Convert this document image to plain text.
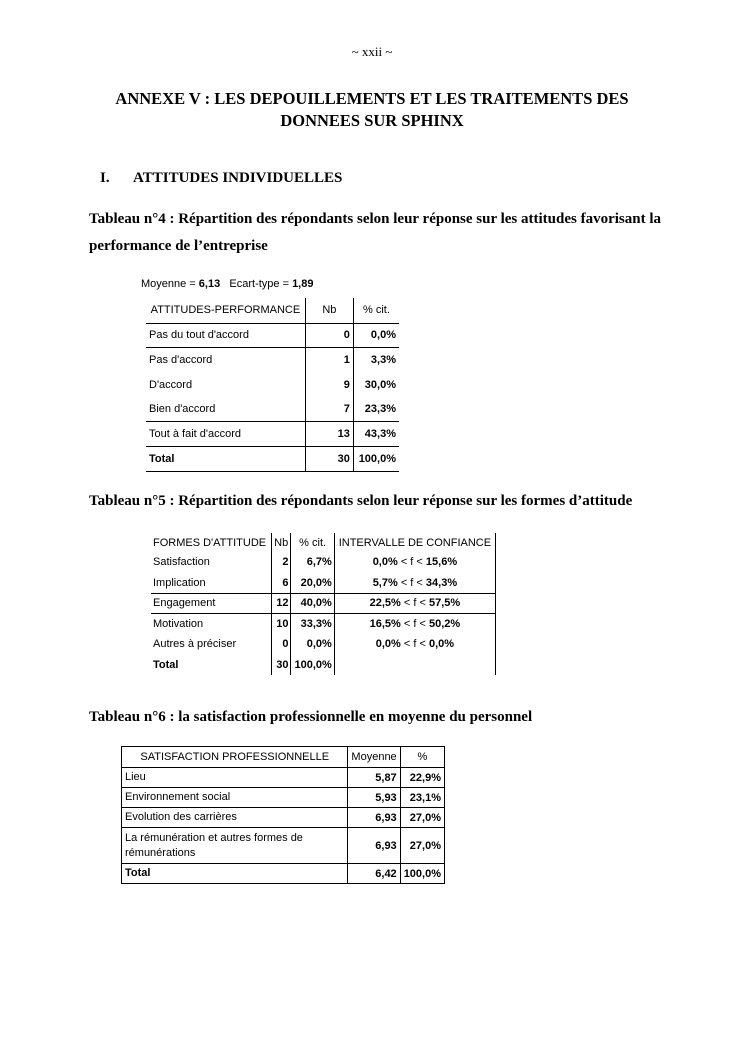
~ xxii ~
ANNEXE V : LES DEPOUILLEMENTS ET LES TRAITEMENTS DES DONNEES SUR SPHINX
I. ATTITUDES INDIVIDUELLES
Tableau n°4 : Répartition des répondants selon leur réponse sur les attitudes favorisant la performance de l’entreprise
Moyenne = 6,13 Ecart-type = 1,89
ATTITUDES-PERFORMANCE	Nb	% cit.
Pas du tout d'accord	0	0,0%
Pas d'accord	1	3,3%
D'accord	9	30,0%
Bien d'accord	7	23,3%
Tout à fait d'accord	13	43,3%
Total	30	100,0%
Tableau n°5 : Répartition des répondants selon leur réponse sur les formes d’attitude
FORMES D'ATTITUDE	Nb	% cit.	INTERVALLE DE CONFIANCE
Satisfaction	2	6,7%	0,0% < f < 15,6%
Implication	6	20,0%	5,7% < f < 34,3%
Engagement	12	40,0%	22,5% < f < 57,5%
Motivation	10	33,3%	16,5% < f < 50,2%
Autres à préciser	0	0,0%	0,0% < f < 0,0%
Total	30	100,0%	
Tableau n°6 : la satisfaction professionnelle en moyenne du personnel
SATISFACTION PROFESSIONNELLE	Moyenne	%
Lieu	5,87	22,9%
Environnement social	5,93	23,1%
Evolution des carrières	6,93	27,0%
La rémunération et autres formes de rémunérations	6,93	27,0%
Total	6,42	100,0%
